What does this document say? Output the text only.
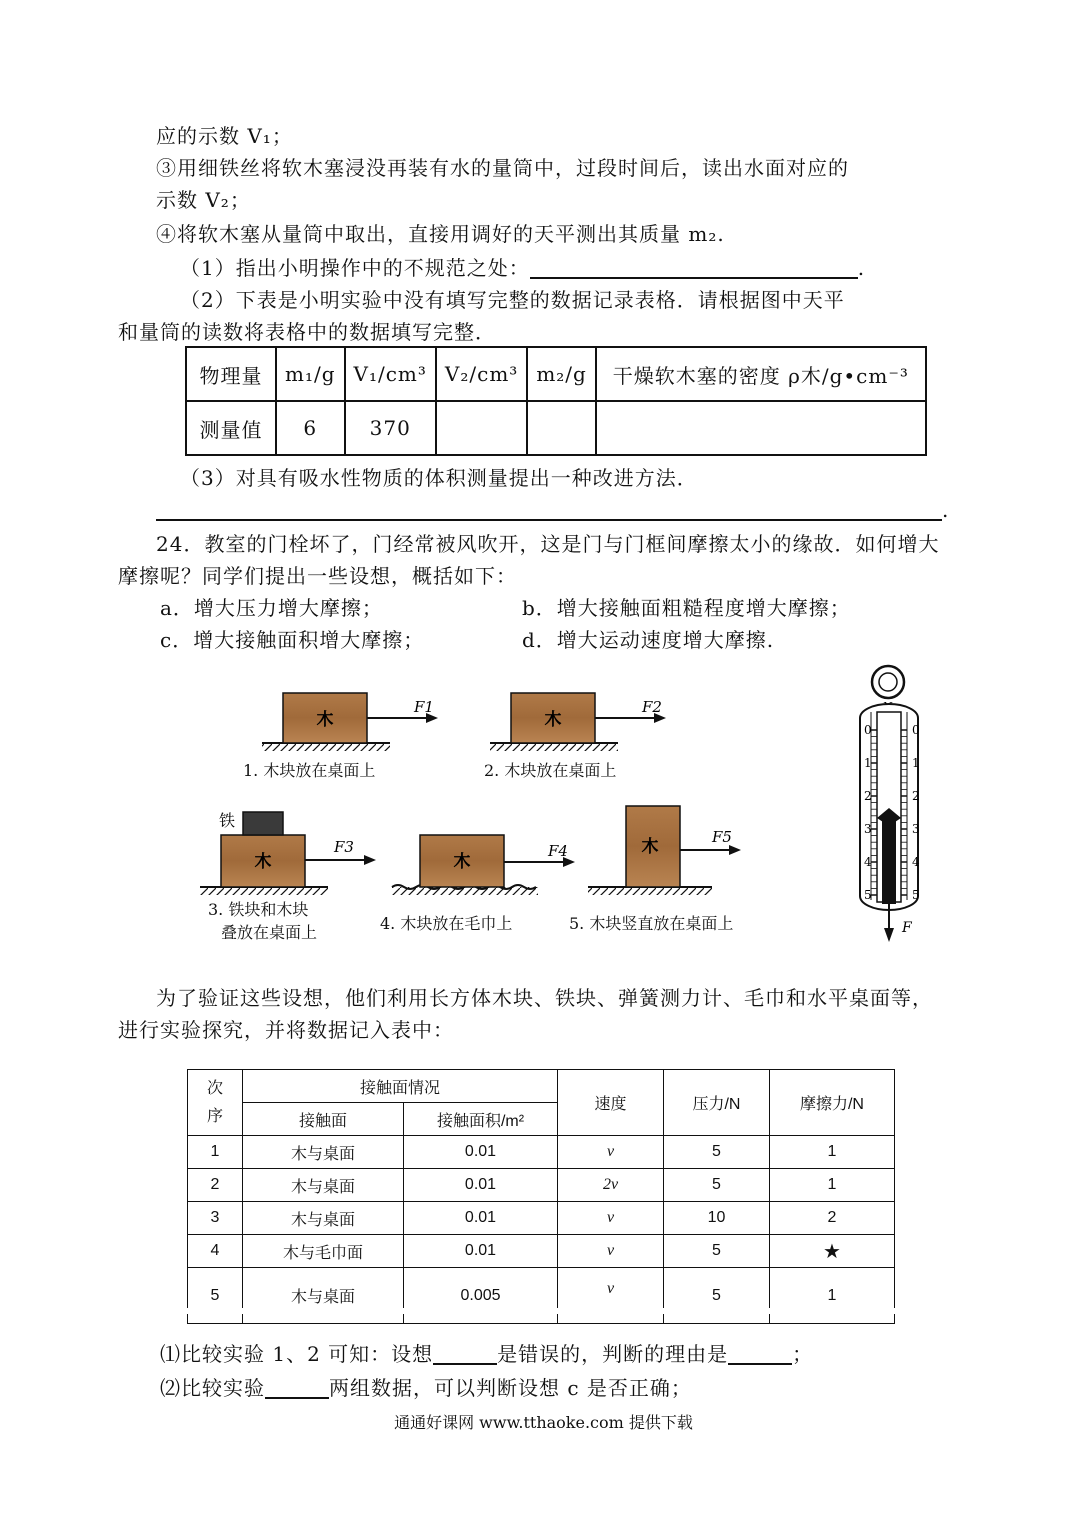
应的示数 V₁；
③用细铁丝将软木塞浸没再装有水的量筒中，过段时间后，读出水面对应的
示数 V₂；
④将软木塞从量筒中取出，直接用调好的天平测出其质量 m₂.
（1）指出小明操作中的不规范之处：	.
（2）下表是小明实验中没有填写完整的数据记录表格．请根据图中天平
和量筒的读数将表格中的数据填写完整．
物理量	m₁/g	V₁/cm³	V₂/cm³	m₂/g	干燥软木塞的密度 ρ木/g•cm⁻³
测量值	6	370			
（3）对具有吸水性物质的体积测量提出一种改进方法．
.
24．教室的门栓坏了，门经常被风吹开，这是门与门框间摩擦太小的缘故．如何增大
摩擦呢？同学们提出一些设想，概括如下：
a．增大压力增大摩擦；	b．增大接触面粗糙程度增大摩擦；
c．增大接触面积增大摩擦；	d．增大运动速度增大摩擦.
木
F1
木
F2
铁
木
F3
木
F4	木	F5
F
0	0
1	1
2	2
3	3
4	4
5	5
1. 木块放在桌面上	2. 木块放在桌面上
3. 铁块和木块
叠放在桌面上	4. 木块放在毛巾上	5. 木块竖直放在桌面上
为了验证这些设想，他们利用长方体木块、铁块、弹簧测力计、毛巾和水平桌面等，
进行实验探究，并将数据记入表中：
次
序	接触面情况		速度	压力/N	摩擦力/N
	接触面	接触面积/m²			
1	木与桌面	0.01	v	5	1
2	木与桌面	0.01	2v	5	1
3	木与桌面	0.01	v	10	2
4	木与毛巾面	0.01	v	5	★
5	木与桌面	0.005	v	5	1
⑴比较实验 1、2 可知：设想	是错误的，判断的理由是	；
⑵比较实验	两组数据，可以判断设想 c 是否正确；
通通好课网 www.tthaoke.com 提供下载
